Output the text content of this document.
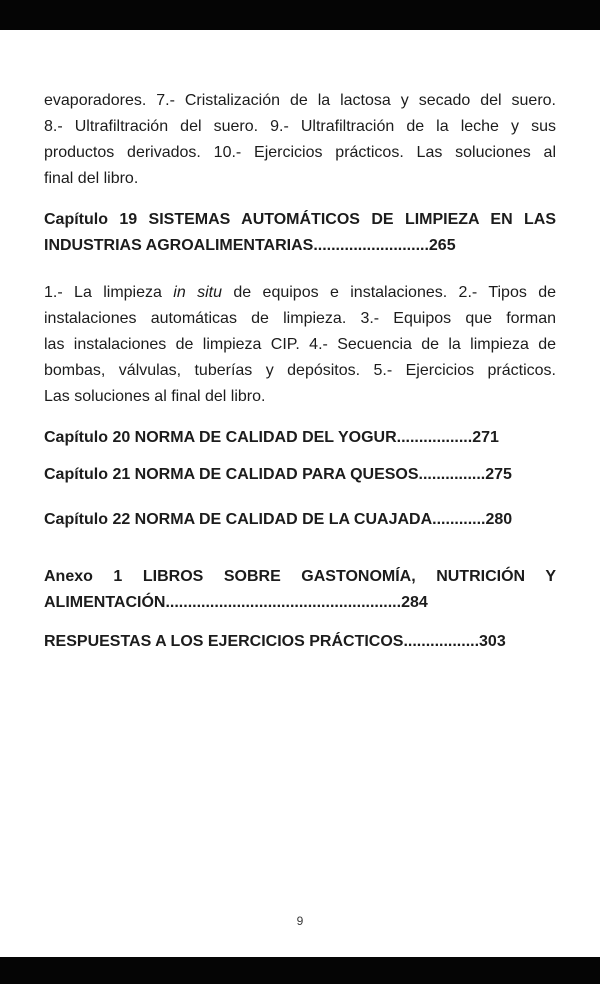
evaporadores. 7.- Cristalización de la lactosa y secado del suero.
8.- Ultrafiltración del suero. 9.- Ultrafiltración de la leche y sus
productos derivados. 10.- Ejercicios prácticos. Las soluciones al
final del libro.

Capítulo 19 SISTEMAS AUTOMÁTICOS DE LIMPIEZA EN LAS
INDUSTRIAS AGROALIMENTARIAS..........................265

1.- La limpieza in situ de equipos e instalaciones. 2.- Tipos de
instalaciones automáticas de limpieza. 3.- Equipos que forman
las instalaciones de limpieza CIP. 4.- Secuencia de la limpieza de
bombas, válvulas, tuberías y depósitos. 5.- Ejercicios prácticos.
Las soluciones al final del libro.

Capítulo 20 NORMA DE CALIDAD DEL YOGUR.................271

Capítulo 21 NORMA DE CALIDAD PARA QUESOS...............275

Capítulo 22 NORMA DE CALIDAD DE LA CUAJADA............280

Anexo 1 LIBROS SOBRE GASTONOMÍA, NUTRICIÓN Y
ALIMENTACIÓN.....................................................284

RESPUESTAS A LOS EJERCICIOS PRÁCTICOS.................303

9
